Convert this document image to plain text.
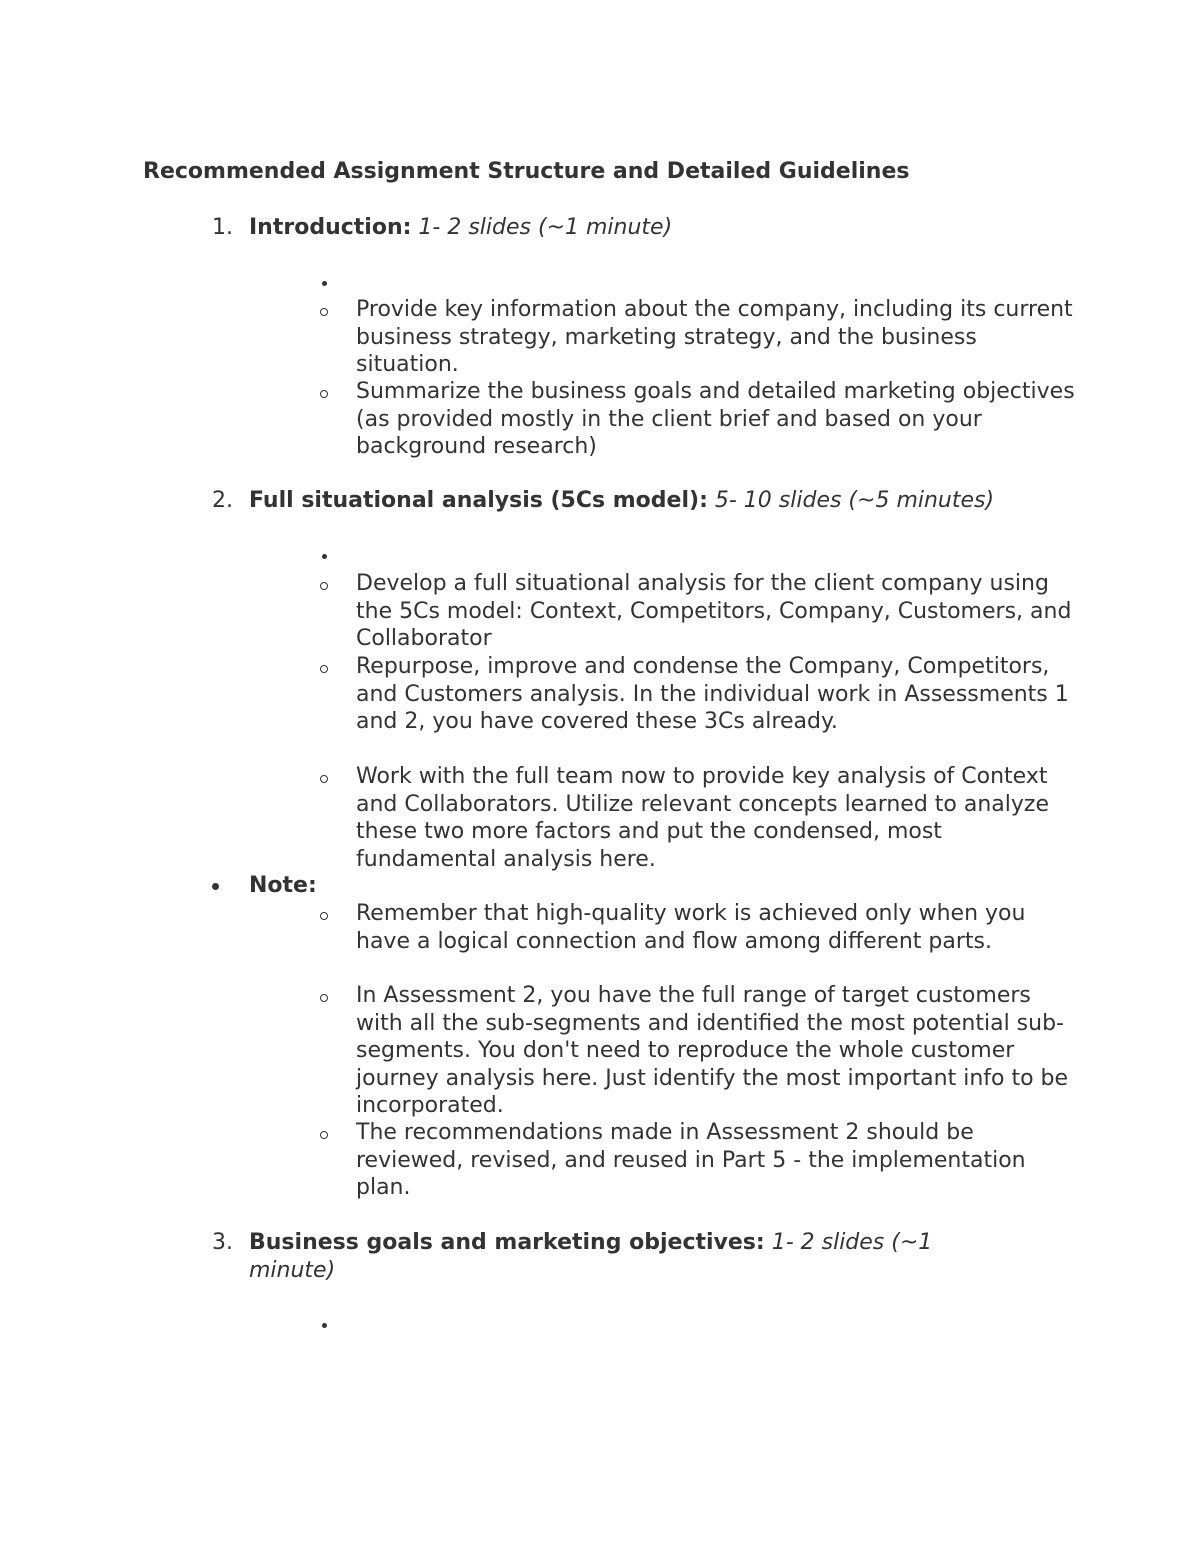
Recommended Assignment Structure and Detailed Guidelines
1. Introduction: 1- 2 slides (~1 minute)
Provide key information about the company, including its current business strategy, marketing strategy, and the business situation.
Summarize the business goals and detailed marketing objectives (as provided mostly in the client brief and based on your background research)
2. Full situational analysis (5Cs model): 5- 10 slides (~5 minutes)
Develop a full situational analysis for the client company using the 5Cs model: Context, Competitors, Company, Customers, and Collaborator
Repurpose, improve and condense the Company, Competitors, and Customers analysis. In the individual work in Assessments 1 and 2, you have covered these 3Cs already.
Work with the full team now to provide key analysis of Context and Collaborators. Utilize relevant concepts learned to analyze these two more factors and put the condensed, most fundamental analysis here.
Note:
Remember that high-quality work is achieved only when you have a logical connection and flow among different parts.
In Assessment 2, you have the full range of target customers with all the sub-segments and identified the most potential sub-segments. You don't need to reproduce the whole customer journey analysis here. Just identify the most important info to be incorporated.
The recommendations made in Assessment 2 should be reviewed, revised, and reused in Part 5 - the implementation plan.
3. Business goals and marketing objectives: 1- 2 slides (~1 minute)
